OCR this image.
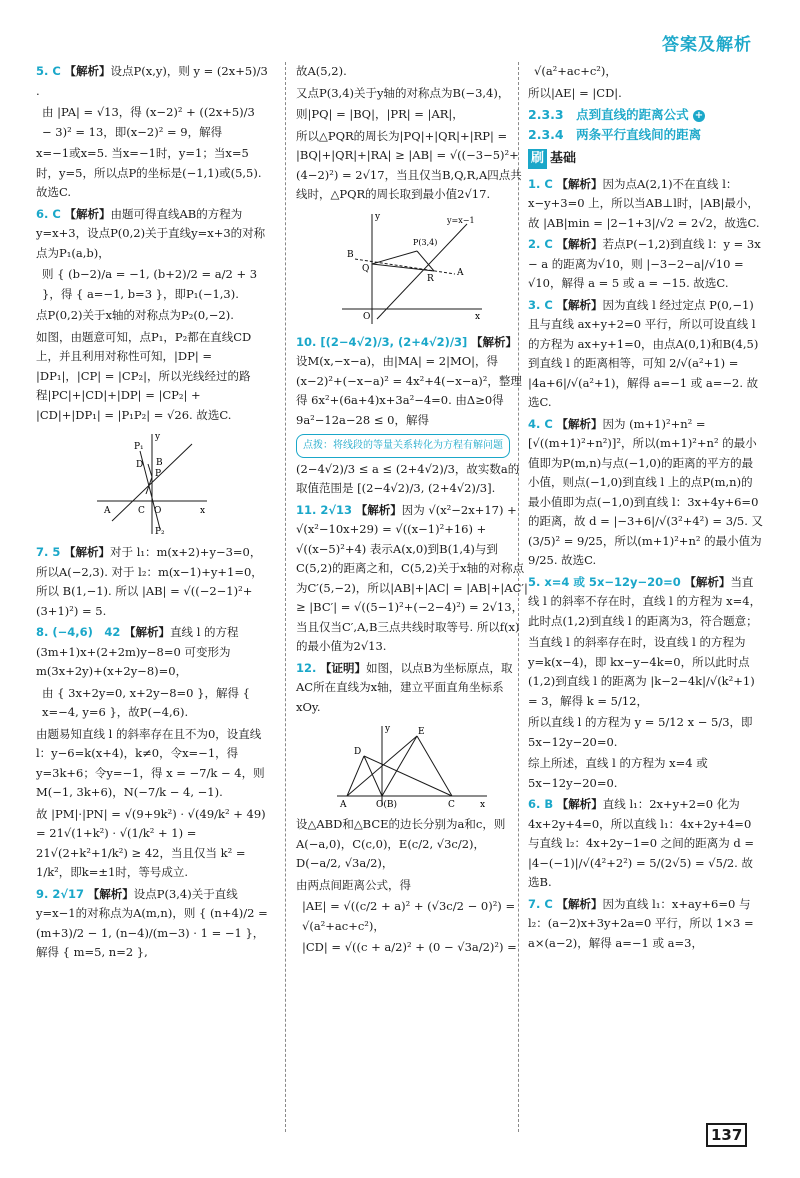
答案及解析

5. C 【解析】设点P(x,y)，则 y = (2x+5)/3 .

由 |PA| = √13，得 (x−2)² + ((2x+5)/3 − 3)² = 13，即(x−2)² = 9，解得

x=−1或x=5. 当x=−1时，y=1；当x=5时，y=5，所以点P的坐标是(−1,1)或(5,5). 故选C.

6. C 【解析】由题可得直线AB的方程为y=x+3，设点P(0,2)关于直线y=x+3的对称点为P₁(a,b)，

则 { (b−2)/a = −1, (b+2)/2 = a/2 + 3 }，得 { a=−1, b=3 }，即P₁(−1,3).

点P(0,2)关于x轴的对称点为P₂(0,−2).

如图，由题意可知，点P₁，P₂都在直线CD上，并且利用对称性可知，|DP| = |DP₁|，|CP| = |CP₂|，所以光线经过的路程|PC|+|CD|+|DP| = |CP₂| + |CD|+|DP₁| = |P₁P₂| = √26. 故选C.

P₁
D
P
B
A	C O	x
y
P₂

7. 5 【解析】对于 l₁：m(x+2)+y−3=0，所以A(−2,3). 对于 l₂：m(x−1)+y+1=0，所以 B(1,−1). 所以 |AB| = √((−2−1)²+(3+1)²) = 5.

8. (−4,6)　42 【解析】直线 l 的方程(3m+1)x+(2+2m)y−8=0 可变形为 m(3x+2y)+(x+2y−8)=0，

由 { 3x+2y=0, x+2y−8=0 }，解得 { x=−4, y=6 }，故P(−4,6).

由题易知直线 l 的斜率存在且不为0，设直线 l：y−6=k(x+4)，k≠0，令x=−1，得y=3k+6；令y=−1，得 x = −7/k − 4，则 M(−1, 3k+6)，N(−7/k − 4, −1).

故 |PM|·|PN| = √(9+9k²) · √(49/k² + 49) = 21√(1+k²) · √(1/k² + 1) = 21√(2+k²+1/k²) ≥ 42，当且仅当 k² = 1/k²，即k=±1时，等号成立.

9. 2√17 【解析】设点P(3,4)关于直线y=x−1的对称点为A(m,n)，则 { (n+4)/2 = (m+3)/2 − 1, (n−4)/(m−3) · 1 = −1 }，解得 { m=5, n=2 },

故A(5,2).

又点P(3,4)关于y轴的对称点为B(−3,4)，

则|PQ| = |BQ|，|PR| = |AR|，

所以△PQR的周长为|PQ|+|QR|+|RP| = |BQ|+|QR|+|RA| ≥ |AB| = √((−3−5)²+(4−2)²) = 2√17，当且仅当B,Q,R,A四点共线时，△PQR的周长取到最小值2√17.

y	y=x−1
P(3,4)
B
Q
R
A
O	x

10. [(2−4√2)/3, (2+4√2)/3] 【解析】设M(x,−x−a)，由|MA| = 2|MO|，得(x−2)²+(−x−a)² = 4x²+4(−x−a)²，整理得 6x²+(6a+4)x+3a²−4=0. 由Δ≥0得 9a²−12a−28 ≤ 0，解得

点拨：将线段的等量关系转化为方程有解问题

(2−4√2)/3 ≤ a ≤ (2+4√2)/3，故实数a的取值范围是 [(2−4√2)/3, (2+4√2)/3].

11. 2√13 【解析】因为 √(x²−2x+17) + √(x²−10x+29) = √((x−1)²+16) + √((x−5)²+4) 表示A(x,0)到B(1,4)与到C(5,2)的距离之和，C(5,2)关于x轴的对称点为C′(5,−2)，所以|AB|+|AC| = |AB|+|AC′| ≥ |BC′| = √((5−1)²+(−2−4)²) = 2√13，当且仅当C′,A,B三点共线时取等号. 所以f(x)的最小值为2√13.

12. 【证明】如图，以点B为坐标原点，取AC所在直线为x轴，建立平面直角坐标系xOy.

y
D
E
A	O(B)	C	x

设△ABD和△BCE的边长分别为a和c，则A(−a,0)，C(c,0)，E(c/2, √3c/2)，D(−a/2, √3a/2)，

由两点间距离公式，得

|AE| = √((c/2 + a)² + (√3c/2 − 0)²) = √(a²+ac+c²)，

|CD| = √((c + a/2)² + (0 − √3a/2)²) =

√(a²+ac+c²)，

所以|AE| = |CD|.

2.3.3　点到直线的距离公式 +
2.3.4　两条平行直线间的距离
刷 基础

1. C 【解析】因为点A(2,1)不在直线 l：x−y+3=0 上，所以当AB⊥l时，|AB|最小，故 |AB|min = |2−1+3|/√2 = 2√2，故选C.

2. C 【解析】若点P(−1,2)到直线 l：y = 3x − a 的距离为√10，则 |−3−2−a|/√10 = √10，解得 a = 5 或 a = −15. 故选C.

3. C 【解析】因为直线 l 经过定点 P(0,−1) 且与直线 ax+y+2=0 平行，所以可设直线 l 的方程为 ax+y+1=0，由点A(0,1)和B(4,5)到直线 l 的距离相等，可知 2/√(a²+1) = |4a+6|/√(a²+1)，解得 a=−1 或 a=−2. 故选C.

4. C 【解析】因为 (m+1)²+n² = [√((m+1)²+n²)]²，所以(m+1)²+n² 的最小值即为P(m,n)与点(−1,0)的距离的平方的最小值，则点(−1,0)到直线 l 上的点P(m,n)的最小值即为点(−1,0)到直线 l：3x+4y+6=0 的距离，故 d = |−3+6|/√(3²+4²) = 3/5. 又(3/5)² = 9/25，所以(m+1)²+n² 的最小值为 9/25. 故选C.

5. x=4 或 5x−12y−20=0 【解析】当直线 l 的斜率不存在时，直线 l 的方程为 x=4，此时点(1,2)到直线 l 的距离为3，符合题意；

当直线 l 的斜率存在时，设直线 l 的方程为 y=k(x−4)，即 kx−y−4k=0，所以此时点(1,2)到直线 l 的距离为 |k−2−4k|/√(k²+1) = 3，解得 k = 5/12，

所以直线 l 的方程为 y = 5/12 x − 5/3，即 5x−12y−20=0.

综上所述，直线 l 的方程为 x=4 或 5x−12y−20=0.

6. B 【解析】直线 l₁：2x+y+2=0 化为 4x+2y+4=0，所以直线 l₁：4x+2y+4=0 与直线 l₂：4x+2y−1=0 之间的距离为 d = |4−(−1)|/√(4²+2²) = 5/(2√5) = √5/2. 故选B.

7. C 【解析】因为直线 l₁：x+ay+6=0 与 l₂：(a−2)x+3y+2a=0 平行，所以 1×3 = a×(a−2)，解得 a=−1 或 a=3，

137
